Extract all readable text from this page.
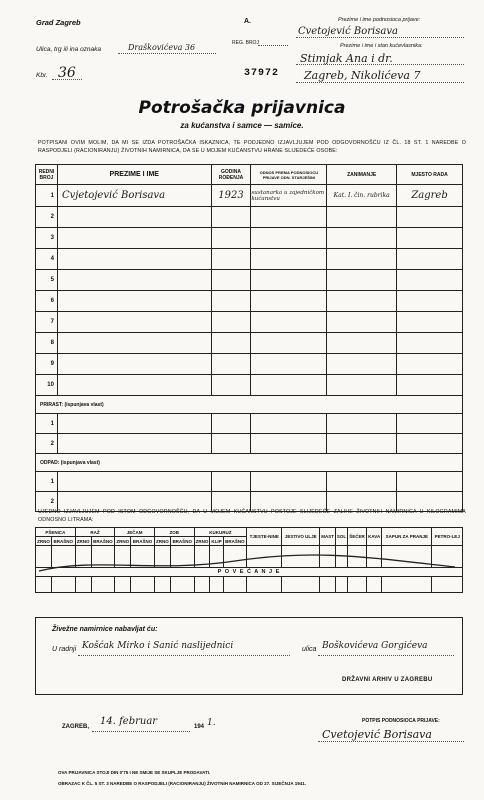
Grad Zagreb
Ulica, trg ili ina oznaka	Draškovićeva 36
Kbr. 36
A.
REG. BROJ
37972
Prezime i ime podnosioca prijave:
Cvetojević Borisava
Prezime i ime i stan kućevlasnika:
Stimjak Ana i dr.
Zagreb, Nikolićeva 7
Potrošačka prijavnica
za kućanstva i samce — samice.
POTPISANI OVIM MOLIM, DA MI SE IZDA POTROŠAČKA ISKAZNICA, TE PODJEDNO IZJAVLJUJEM POD ODGOVORNOŠĆU IZ ČL. 18 ST. 1 NAREDBE O RASPODJELI (RACIONIRANJU) ŽIVOTNIH NAMIRNICA, DA SE U MOJEM KUĆANSTVU HRANE SLIJEDEĆE OSOBE:
REDNI BROJ	PREZIME I IME	GODINA ROĐENJA	ODNOS PREMA PODNOSIOCU PRIJAVE ODN. STARJEŠINI	ZANIMANJE	MJESTO RADA
1	Cvjetojević Borisava	1923	sustanarka u zajedničkom kućanstvu	Kat. I. čin. rubrika	Zagreb
2					
3					
4					
5					
6					
7					
8					
9					
10					
PRIRAST: (ispunjava vlast)					
1					
2					
ODPAD: (ispunjava vlast)					
1					
2					
UJEDNO IZJAVLJUJEM POD ISTOM ODGOVORNOŠĆU, DA U MOJEM KUĆANSTVU POSTOJE SLIJEDEĆE ZALIHE ŽIVOTNIH NAMIRNICA U KILOGRAMIMA ODNOSNO LITRAMA:
PŠENICA		RAŽ		JEČAM		ZOB		KUKURUZ			TJESTE-NINE	JESTIVO ULJE	MAST	SOL	ŠEĆER	KAVA	SAPUN ZA PRANJE	PETRO-LEJ
ZRNO	BRAŠNO	ZRNO	BRAŠNO	ZRNO	BRAŠNO	ZRNO	BRAŠNO	ZRNO	KLIP	BRAŠNO								

P O V E Ć A N J E																		

Živežne namirnice nabavljat ću:
U radnji Košćak Mirko i Sanić naslijednici	ulica Boškovićeva Gorgićeva
DRŽAVNI ARHIV U ZAGREBU
ZAGREB, 14. februar	194 1.	POTPIS PODNOSIOCA PRIJAVE:
Cvetojević Borisava
OVA PRIJAVNICA STOJI DIN 0'75 I NE SMIJE SE SKUPLJE PRODAVATI.
OBRAZAC K ČL. 5 ST. 3 NAREDBE O RASPODJELI (RACIONIRANJU) ŽIVOTNIH NAMIRNICA OD 27. SIJEČNJA 1941.
